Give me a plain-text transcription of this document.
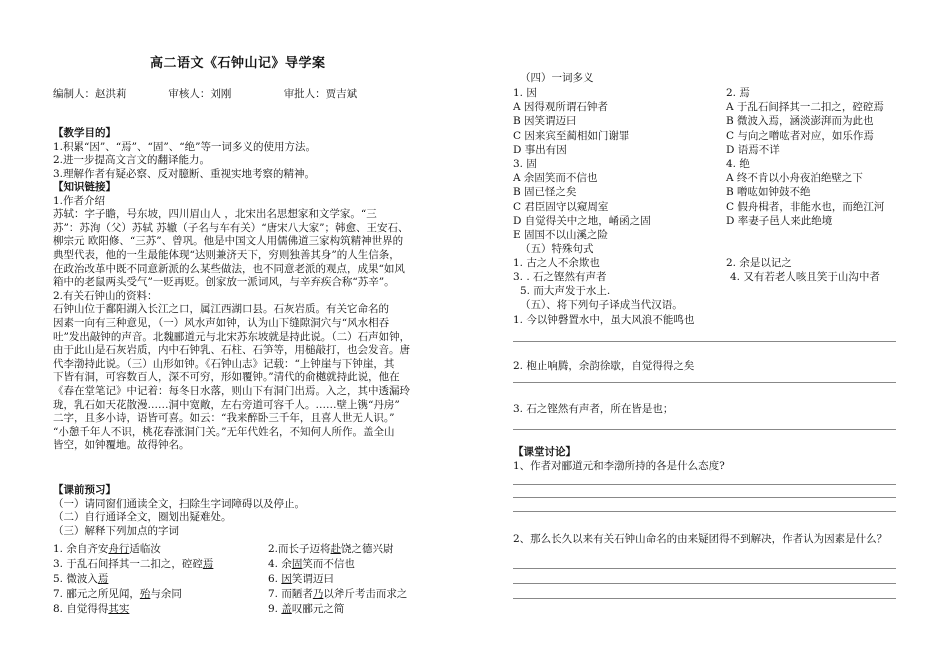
高二语文《石钟山记》导学案
编制人：赵洪莉	审核人：刘刚	审批人：贾吉斌
【教学目的】
1.积累“因”、“焉”、“固”、“绝”等一词多义的使用方法。
2.进一步提高文言文的翻译能力。
3.理解作者有疑必察、反对臆断、重视实地考察的精神。
【知识链接】
1.作者介绍
苏轼：字子瞻，号东坡，四川眉山人 ，北宋出名思想家和文学家。“三
苏”：苏洵（父）苏轼 苏辙（子名与车有关）“唐宋八大家”；韩愈、王安石、
柳宗元 欧阳修、“三苏”、曾巩。他是中国文人用儒佛道三家构筑精神世界的
典型代表，他的一生最能体现“达则兼济天下，穷则独善其身”的人生信条，
在政治改革中既不同意新派的么某些做法，也不同意老派的观点，成果“如风
箱中的老鼠两头受气”一贬再贬。创家放一派词风，与辛弃疾合称“苏辛”。
2.有关石钟山的资料：
石钟山位于鄱阳湖入长江之口，属江西湖口县。石灰岩质。有关它命名的
因素一向有三种意见，（一）风水声如钟，认为山下缝隙洞穴与“风水相吞
吐”发出敲钟的声音。北魏郦道元与北宋苏东坡就是持此说。（二）石声如钟，
由于此山是石灰岩质，内中石钟乳、石柱、石笋等，用槌敲打，也会发音。唐
代李渤持此说。（三）山形如钟。《石钟山志》记载：“上钟崖与下钟崖，其
下皆有洞，可容数百人，深不可穷，形如覆钟。”清代的俞樾就持此说，他在
《春在堂笔记》中记着：每冬日水落，则山下有洞门出焉。入之，其中透漏玲
珑，乳石如天花散漫……洞中宽敞，左右旁道可容千人。……壁上镌“丹房”
二字，且多小诗，语皆可喜。如云：“我来醉卧三千年，且喜人世无人识。”
“小憩千年人不识，桃花春涨洞门关。”无年代姓名，不知何人所作。盖全山
皆空，如钟覆地。故得钟名。
【课前预习】
（一）请同窗们通读全文，扫除生字词障碍以及停止。
（二）自行通译全文，圈划出疑难处。
（三）解释下列加点的字词
1. 余自齐安舟行适临汝	2.而长子迈将赴饶之德兴尉
3. 于乱石间择其一二扣之，硿硿焉	4. 余固笑而不信也
5. 微波入焉	6. 因笑谓迈曰
7. 郦元之所见闻，殆与余同	7. 而陋者乃以斧斤考击而求之
8. 自觉得得其实	9. 盖叹郦元之简
（四）一词多义
1. 因
A 因得观所谓石钟者
B 因笑谓迈曰
C 因来宾至蔺相如门谢罪
D 事出有因
2. 焉
A 于乱石间择其一二扣之，硿硿焉
B 微波入焉，涵淡澎湃而为此也
C 与向之噌吰者对应，如乐作焉
D 语焉不详
3. 固
A 余固笑而不信也
B 固已怪之矣
C 君臣固守以窥周室
D 自觉得关中之地，崤函之固
E 固国不以山溪之险
4. 绝
A 终不肯以小舟夜泊绝壁之下
B 噌吰如钟鼓不绝
C 假舟楫者，非能水也，而绝江河
D 率妻子邑人来此绝境
（五）特殊句式
1. 古之人不余欺也	2. 余是以记之
3. . 石之铿然有声者	4. 又有若老人咳且笑于山沟中者
5. 而大声发于水上.
（五）、将下列句子译成当代汉语。
1. 今以钟磬置水中，虽大风浪不能鸣也
2. 枹止响腾，余韵徐歇，自觉得得之矣
3. 石之铿然有声者，所在皆是也；
【课堂讨论】
1、作者对郦道元和李渤所持的各是什么态度?
2、那么长久以来有关石钟山命名的由来疑团得不到解决，作者认为因素是什么？
